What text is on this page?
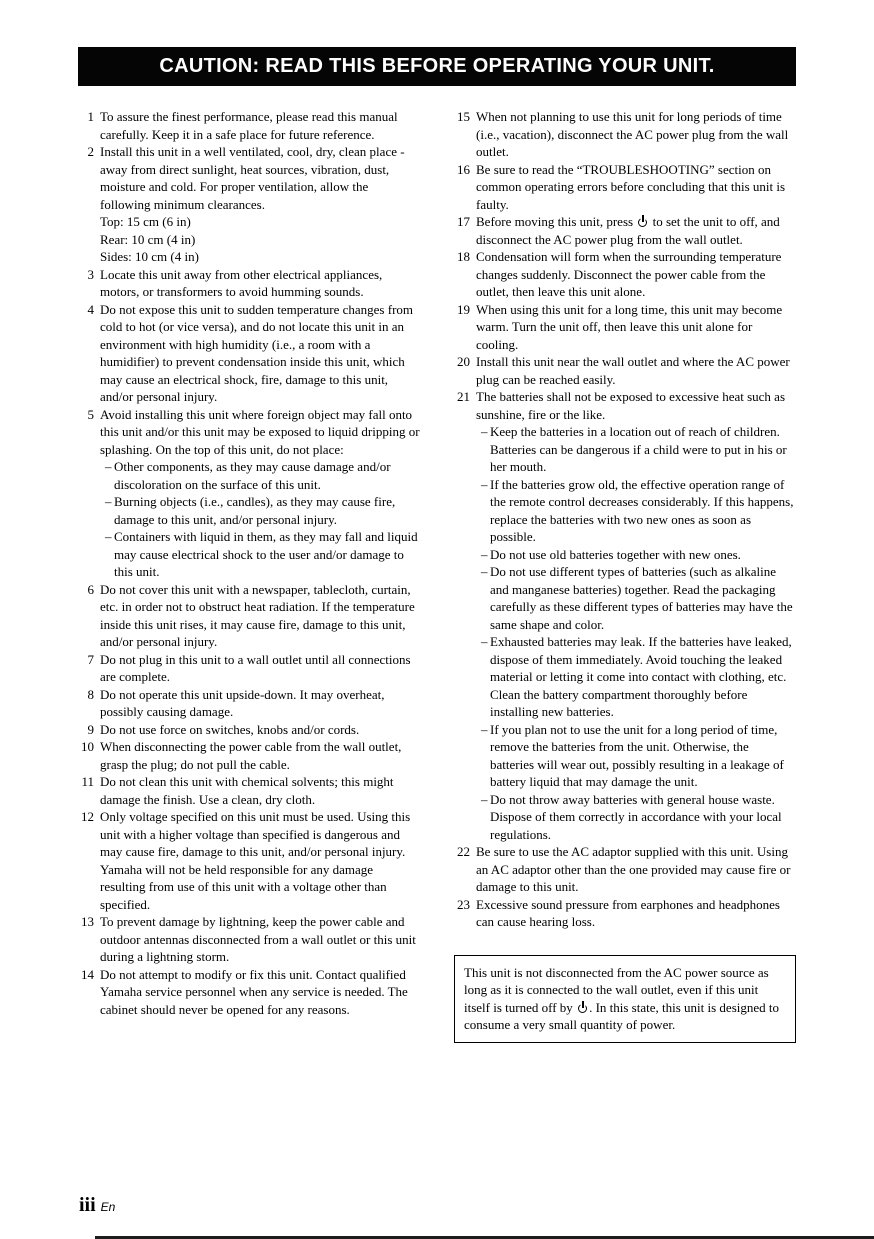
CAUTION: READ THIS BEFORE OPERATING YOUR UNIT.
1 To assure the finest performance, please read this manual carefully. Keep it in a safe place for future reference.
2 Install this unit in a well ventilated, cool, dry, clean place - away from direct sunlight, heat sources, vibration, dust, moisture and cold. For proper ventilation, allow the following minimum clearances.
Top: 15 cm (6 in)
Rear: 10 cm (4 in)
Sides: 10 cm (4 in)
3 Locate this unit away from other electrical appliances, motors, or transformers to avoid humming sounds.
4 Do not expose this unit to sudden temperature changes from cold to hot (or vice versa), and do not locate this unit in an environment with high humidity (i.e., a room with a humidifier) to prevent condensation inside this unit, which may cause an electrical shock, fire, damage to this unit, and/or personal injury.
5 Avoid installing this unit where foreign object may fall onto this unit and/or this unit may be exposed to liquid dripping or splashing. On the top of this unit, do not place:
– Other components, as they may cause damage and/or discoloration on the surface of this unit.
– Burning objects (i.e., candles), as they may cause fire, damage to this unit, and/or personal injury.
– Containers with liquid in them, as they may fall and liquid may cause electrical shock to the user and/or damage to this unit.
6 Do not cover this unit with a newspaper, tablecloth, curtain, etc. in order not to obstruct heat radiation. If the temperature inside this unit rises, it may cause fire, damage to this unit, and/or personal injury.
7 Do not plug in this unit to a wall outlet until all connections are complete.
8 Do not operate this unit upside-down. It may overheat, possibly causing damage.
9 Do not use force on switches, knobs and/or cords.
10 When disconnecting the power cable from the wall outlet, grasp the plug; do not pull the cable.
11 Do not clean this unit with chemical solvents; this might damage the finish. Use a clean, dry cloth.
12 Only voltage specified on this unit must be used. Using this unit with a higher voltage than specified is dangerous and may cause fire, damage to this unit, and/or personal injury. Yamaha will not be held responsible for any damage resulting from use of this unit with a voltage other than specified.
13 To prevent damage by lightning, keep the power cable and outdoor antennas disconnected from a wall outlet or this unit during a lightning storm.
14 Do not attempt to modify or fix this unit. Contact qualified Yamaha service personnel when any service is needed. The cabinet should never be opened for any reasons.
15 When not planning to use this unit for long periods of time (i.e., vacation), disconnect the AC power plug from the wall outlet.
16 Be sure to read the “TROUBLESHOOTING” section on common operating errors before concluding that this unit is faulty.
17 Before moving this unit, press
to set the unit to off, and disconnect the AC power plug from the wall outlet.
18 Condensation will form when the surrounding temperature changes suddenly. Disconnect the power cable from the outlet, then leave this unit alone.
19 When using this unit for a long time, this unit may become warm. Turn the unit off, then leave this unit alone for cooling.
20 Install this unit near the wall outlet and where the AC power plug can be reached easily.
21 The batteries shall not be exposed to excessive heat such as sunshine, fire or the like.
– Keep the batteries in a location out of reach of children. Batteries can be dangerous if a child were to put in his or her mouth.
– If the batteries grow old, the effective operation range of the remote control decreases considerably. If this happens, replace the batteries with two new ones as soon as possible.
– Do not use old batteries together with new ones.
– Do not use different types of batteries (such as alkaline and manganese batteries) together. Read the packaging carefully as these different types of batteries may have the same shape and color.
– Exhausted batteries may leak. If the batteries have leaked, dispose of them immediately. Avoid touching the leaked material or letting it come into contact with clothing, etc. Clean the battery compartment thoroughly before installing new batteries.
– If you plan not to use the unit for a long period of time, remove the batteries from the unit. Otherwise, the batteries will wear out, possibly resulting in a leakage of battery liquid that may damage the unit.
– Do not throw away batteries with general house waste. Dispose of them correctly in accordance with your local regulations.
22 Be sure to use the AC adaptor supplied with this unit. Using an AC adaptor other than the one provided may cause fire or damage to this unit.
23 Excessive sound pressure from earphones and headphones can cause hearing loss.

This unit is not disconnected from the AC power source as long as it is connected to the wall outlet, even if this unit itself is turned off by
. In this state, this unit is designed to consume a very small quantity of power.

iii En
